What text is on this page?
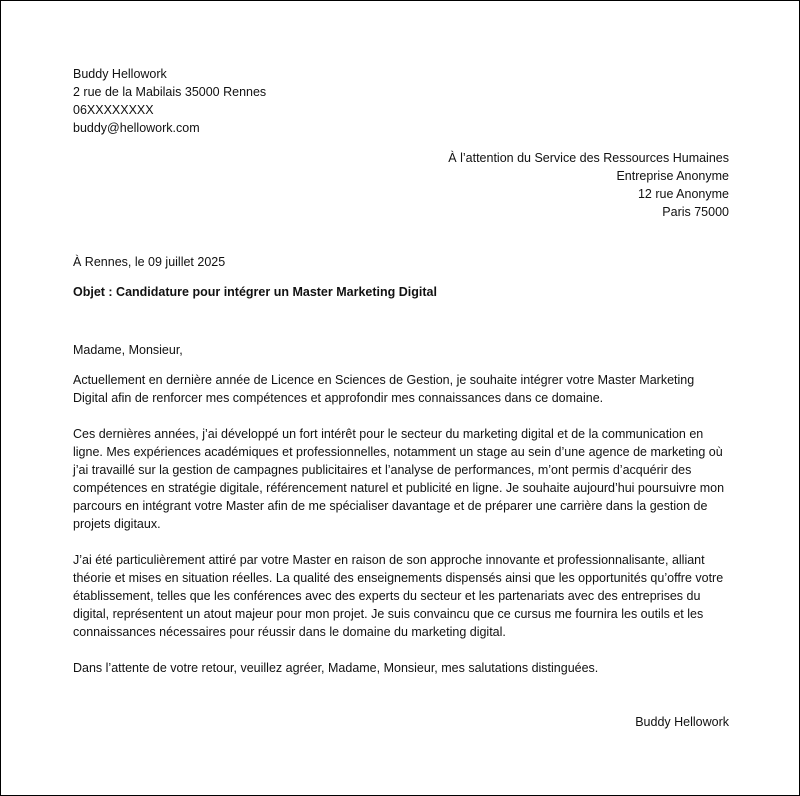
Buddy Hellowork
2 rue de la Mabilais 35000 Rennes
06XXXXXXXX
buddy@hellowork.com
À l’attention du Service des Ressources Humaines
Entreprise Anonyme
12 rue Anonyme
Paris 75000
À Rennes, le 09 juillet 2025
Objet : Candidature pour intégrer un Master Marketing Digital
Madame, Monsieur,
Actuellement en dernière année de Licence en Sciences de Gestion, je souhaite intégrer votre Master Marketing Digital afin de renforcer mes compétences et approfondir mes connaissances dans ce domaine.
Ces dernières années, j’ai développé un fort intérêt pour le secteur du marketing digital et de la communication en ligne. Mes expériences académiques et professionnelles, notamment un stage au sein d’une agence de marketing où j’ai travaillé sur la gestion de campagnes publicitaires et l’analyse de performances, m’ont permis d’acquérir des compétences en stratégie digitale, référencement naturel et publicité en ligne. Je souhaite aujourd’hui poursuivre mon parcours en intégrant votre Master afin de me spécialiser davantage et de préparer une carrière dans la gestion de projets digitaux.
J’ai été particulièrement attiré par votre Master en raison de son approche innovante et professionnalisante, alliant théorie et mises en situation réelles. La qualité des enseignements dispensés ainsi que les opportunités qu’offre votre établissement, telles que les conférences avec des experts du secteur et les partenariats avec des entreprises du digital, représentent un atout majeur pour mon projet. Je suis convaincu que ce cursus me fournira les outils et les connaissances nécessaires pour réussir dans le domaine du marketing digital.
Dans l’attente de votre retour, veuillez agréer, Madame, Monsieur, mes salutations distinguées.
Buddy Hellowork
